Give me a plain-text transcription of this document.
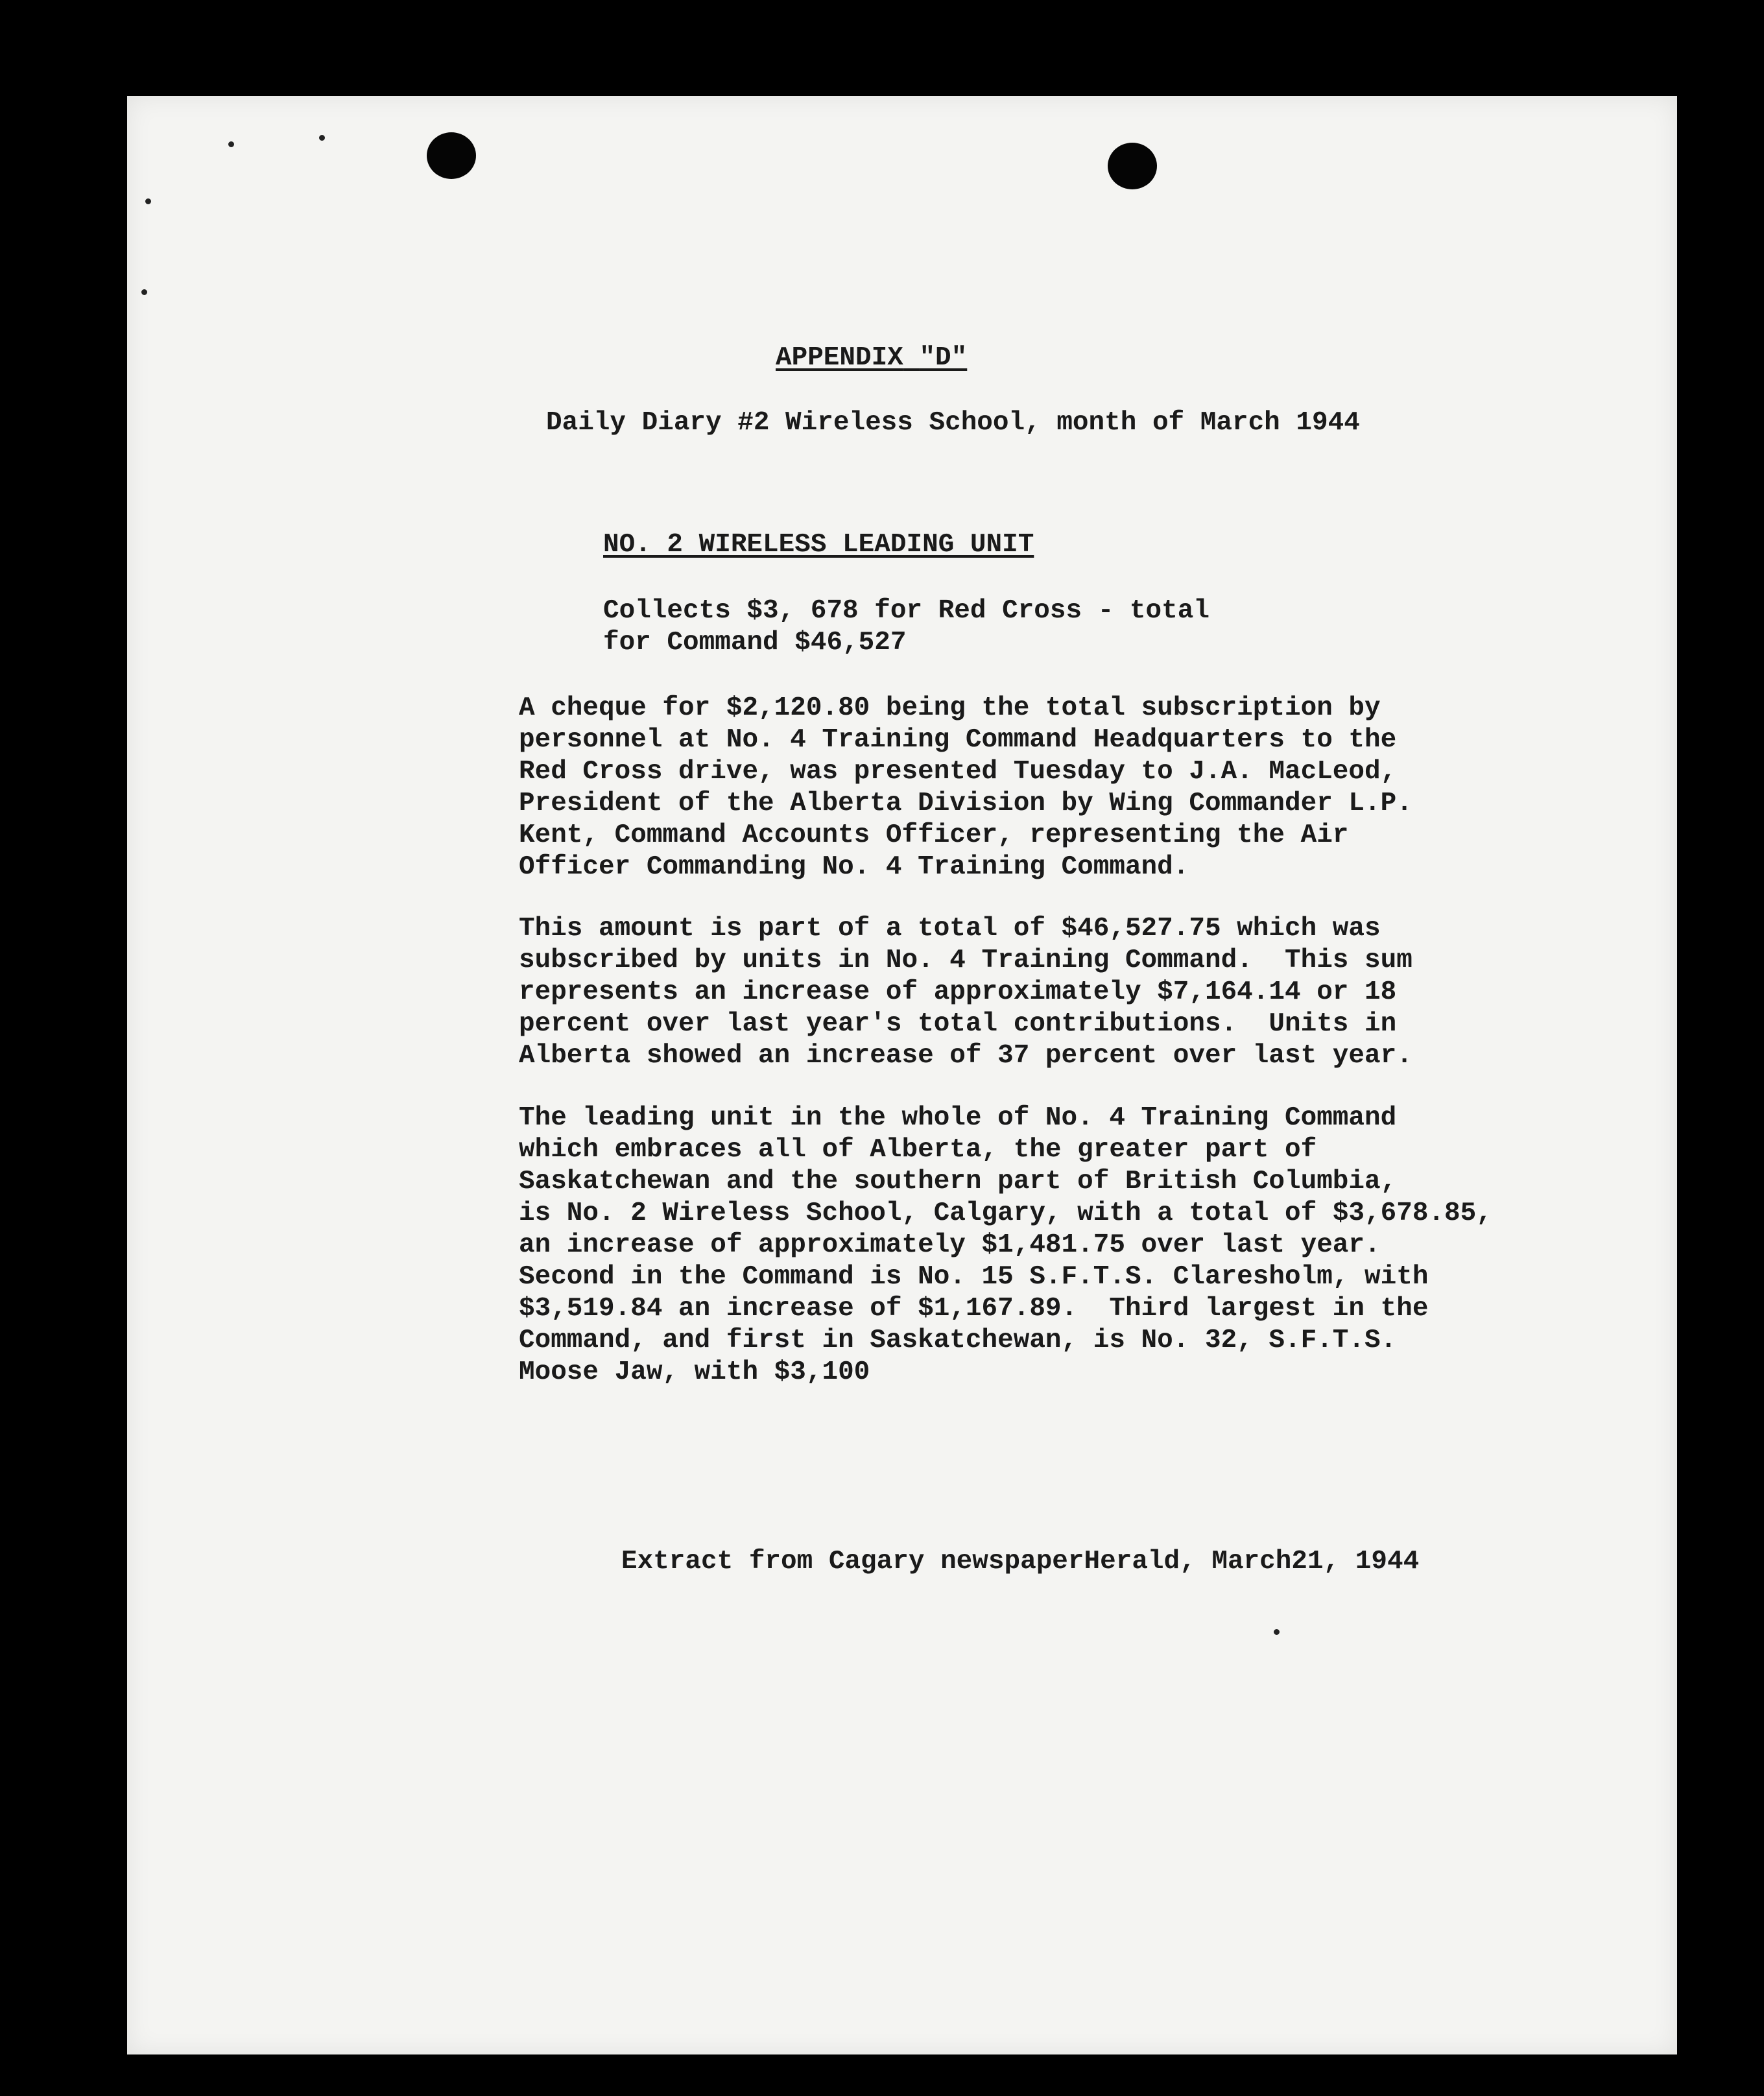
APPENDIX "D"
Daily Diary #2 Wireless School, month of March 1944
NO. 2 WIRELESS LEADING UNIT
Collects $3, 678 for Red Cross - total
for Command $46,527
A cheque for $2,120.80 being the total subscription by
personnel at No. 4 Training Command Headquarters to the
Red Cross drive, was presented Tuesday to J.A. MacLeod,
President of the Alberta Division by Wing Commander L.P.
Kent, Command Accounts Officer, representing the Air
Officer Commanding No. 4 Training Command.
This amount is part of a total of $46,527.75 which was
subscribed by units in No. 4 Training Command.  This sum
represents an increase of approximately $7,164.14 or 18
percent over last year's total contributions.  Units in
Alberta showed an increase of 37 percent over last year.
The leading unit in the whole of No. 4 Training Command
which embraces all of Alberta, the greater part of
Saskatchewan and the southern part of British Columbia,
is No. 2 Wireless School, Calgary, with a total of $3,678.85,
an increase of approximately $1,481.75 over last year.
Second in the Command is No. 15 S.F.T.S. Claresholm, with
$3,519.84 an increase of $1,167.89.  Third largest in the
Command, and first in Saskatchewan, is No. 32, S.F.T.S.
Moose Jaw, with $3,100
Extract from Cagary newspaperHerald, March21, 1944
